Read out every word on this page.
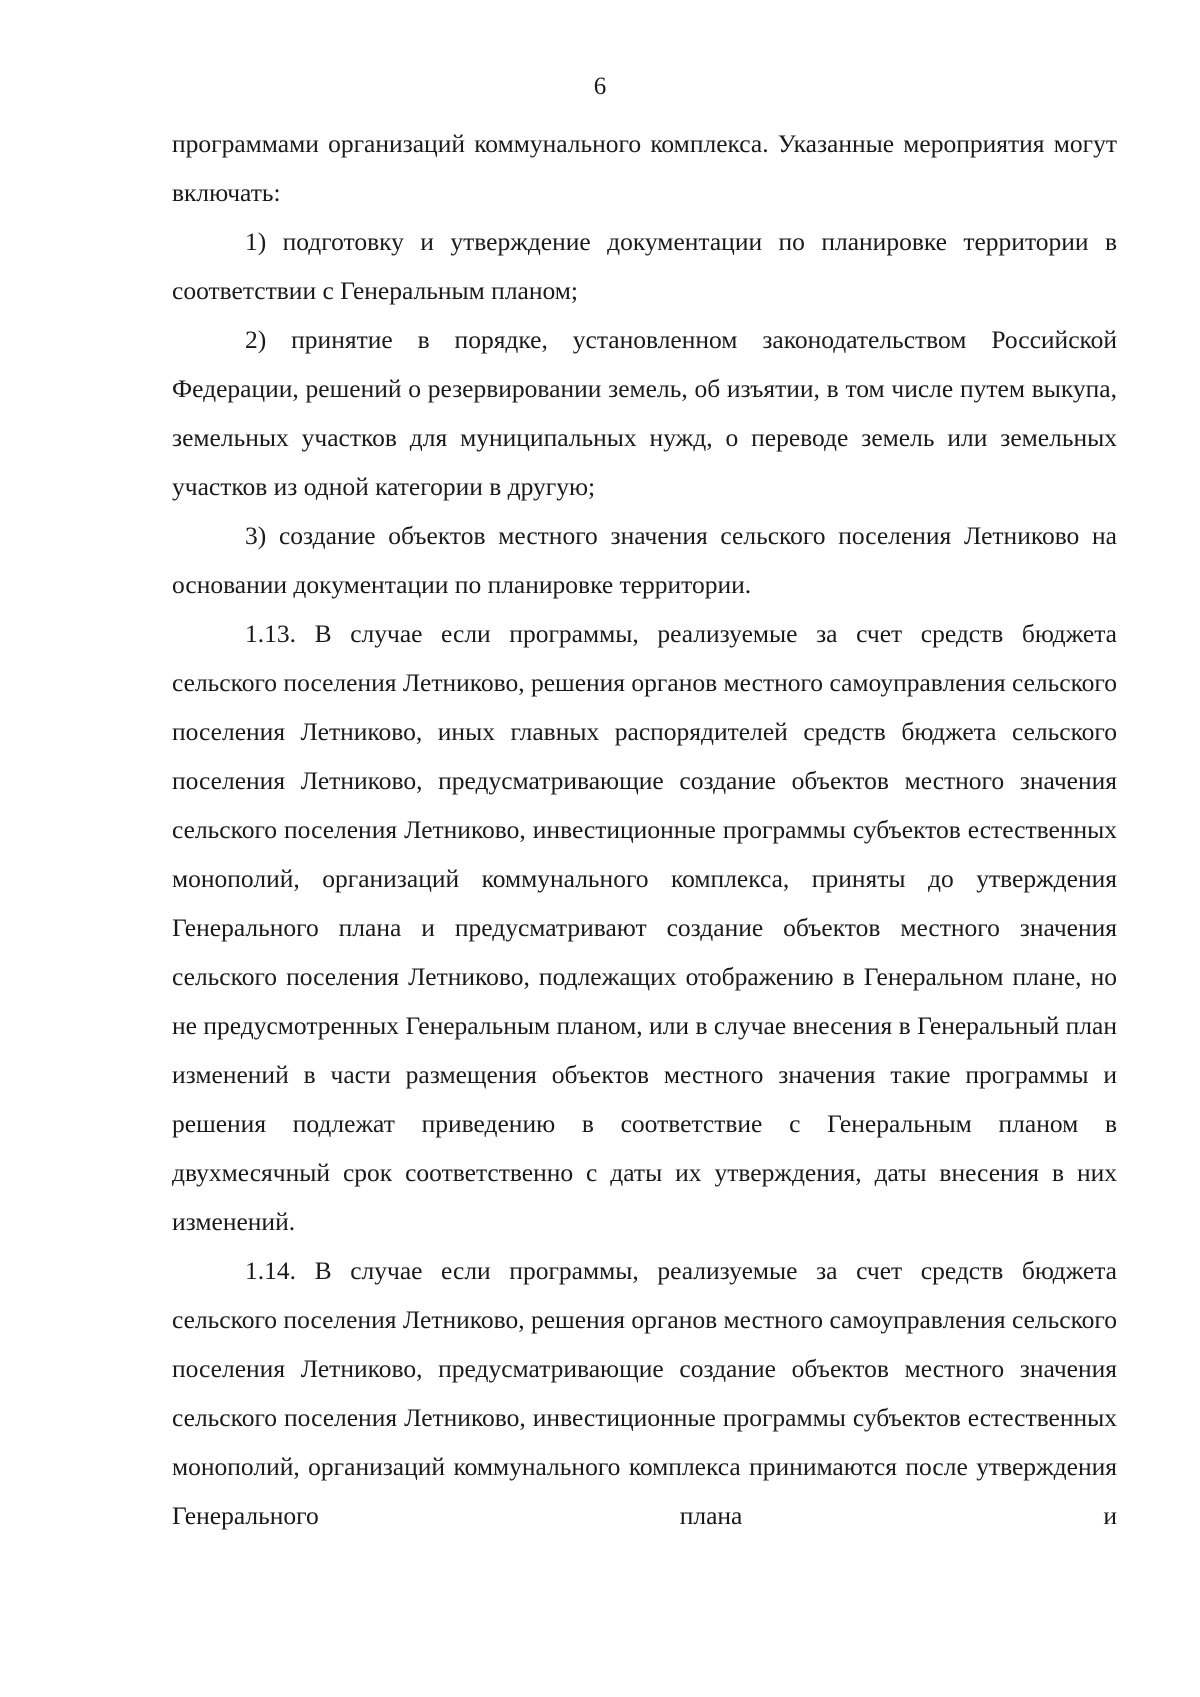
6

программами организаций коммунального комплекса. Указанные мероприятия могут включать:

1) подготовку и утверждение документации по планировке территории в соответствии с Генеральным планом;

2) принятие в порядке, установленном законодательством Российской Федерации, решений о резервировании земель, об изъятии, в том числе путем выкупа, земельных участков для муниципальных нужд, о переводе земель или земельных участков из одной категории в другую;

3) создание объектов местного значения сельского поселения Летниково на основании документации по планировке территории.

1.13. В случае если программы, реализуемые за счет средств бюджета сельского поселения Летниково, решения органов местного самоуправления сельского поселения Летниково, иных главных распорядителей средств бюджета сельского поселения Летниково, предусматривающие создание объектов местного значения сельского поселения Летниково, инвестиционные программы субъектов естественных монополий, организаций коммунального комплекса, приняты до утверждения Генерального плана и предусматривают создание объектов местного значения сельского поселения Летниково, подлежащих отображению в Генеральном плане, но не предусмотренных Генеральным планом, или в случае внесения в Генеральный план изменений в части размещения объектов местного значения такие программы и решения подлежат приведению в соответствие с Генеральным планом в двухмесячный срок соответственно с даты их утверждения, даты внесения в них изменений.

1.14. В случае если программы, реализуемые за счет средств бюджета сельского поселения Летниково, решения органов местного самоуправления сельского поселения Летниково, предусматривающие создание объектов местного значения сельского поселения Летниково, инвестиционные программы субъектов естественных монополий, организаций коммунального комплекса принимаются после утверждения Генерального плана и
